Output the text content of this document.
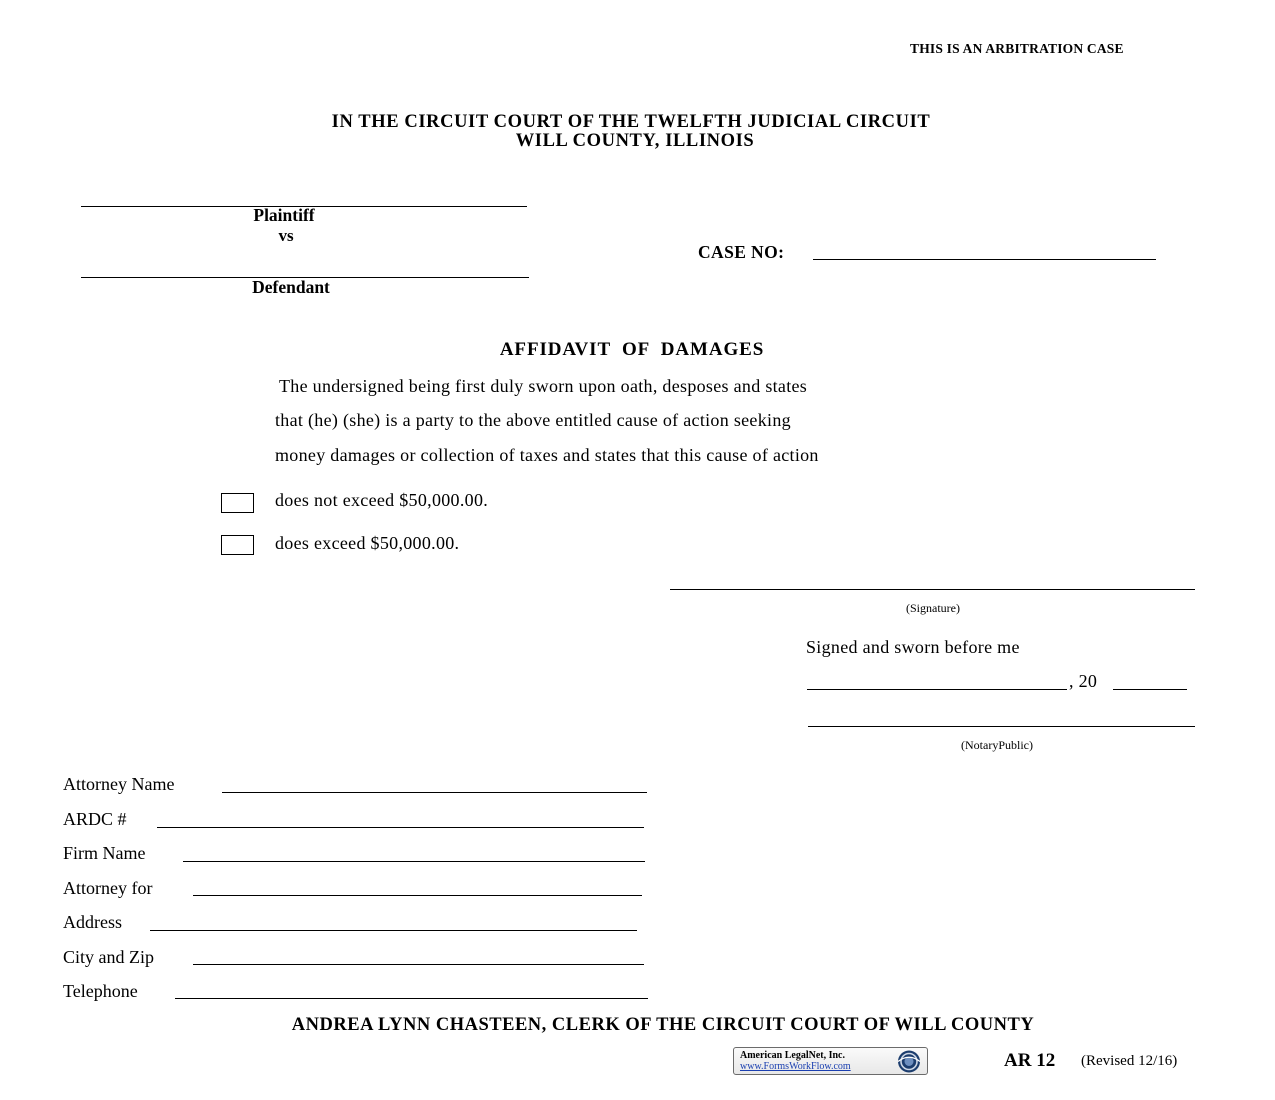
THIS IS AN ARBITRATION CASE
IN THE CIRCUIT COURT OF THE TWELFTH JUDICIAL CIRCUIT
WILL COUNTY, ILLINOIS
Plaintiff
vs
Defendant
CASE NO:
AFFIDAVIT  OF  DAMAGES
The undersigned being first duly sworn upon oath, desposes and states
that (he) (she) is a party to the above entitled cause of action seeking
money damages or collection of taxes and states that this cause of action
does not exceed $50,000.00.
does exceed $50,000.00.
(Signature)
Signed and sworn before me
, 20
(NotaryPublic)
Attorney Name
ARDC #
Firm Name
Attorney for
Address
City and Zip
Telephone
ANDREA LYNN CHASTEEN, CLERK OF THE CIRCUIT COURT OF WILL COUNTY
American LegalNet, Inc.
www.FormsWorkFlow.com	AR 12 (Revised 12/16)
